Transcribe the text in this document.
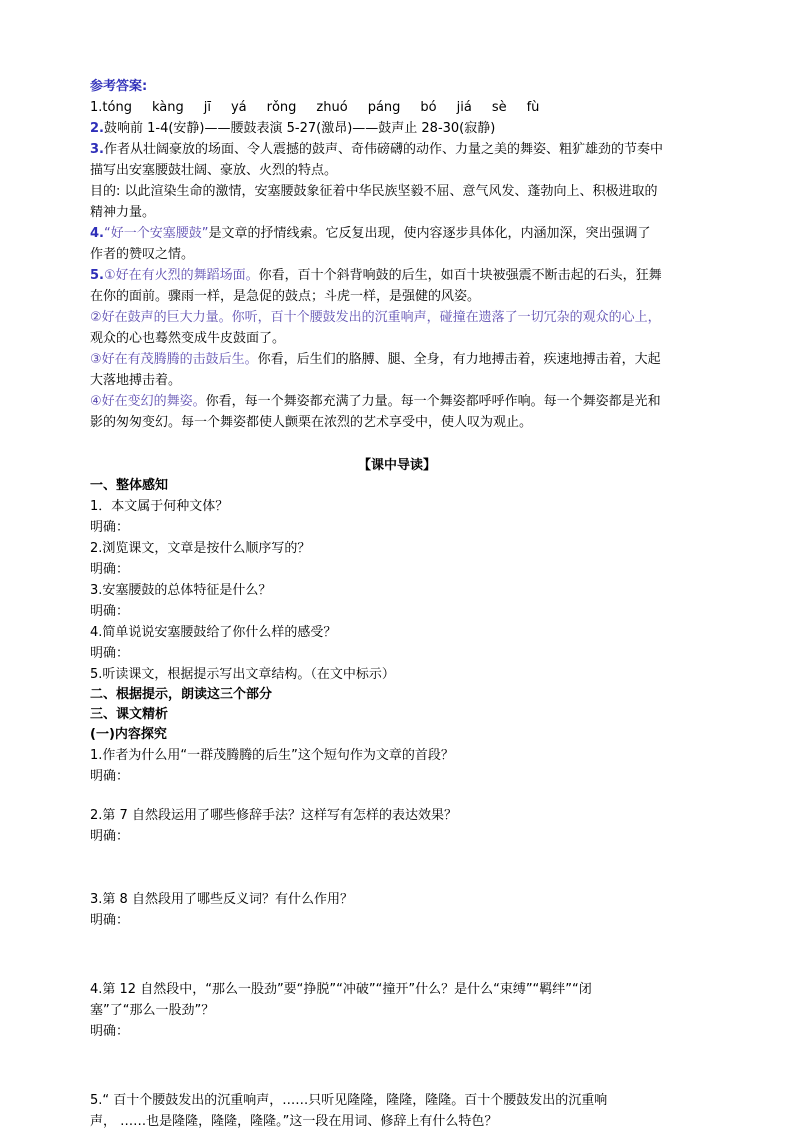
参考答案:
1.tóng kàng jī yá rǒng zhuó páng bó jiá sè fù
2.鼓响前 1-4(安静)——腰鼓表演 5-27(激昂)——鼓声止 28-30(寂静)
3.作者从壮阔豪放的场面、令人震撼的鼓声、奇伟磅礴的动作、力量之美的舞姿、粗犷雄劲的节奏中
描写出安塞腰鼓壮阔、豪放、火烈的特点。
目的: 以此渲染生命的激情，安塞腰鼓象征着中华民族坚毅不屈、意气风发、蓬勃向上、积极进取的
精神力量。
4.“好一个安塞腰鼓”是文章的抒情线索。它反复出现，使内容逐步具体化，内涵加深，突出强调了
作者的赞叹之情。
5.①好在有火烈的舞蹈场面。你看，百十个斜背响鼓的后生，如百十块被强震不断击起的石头，狂舞
在你的面前。骤雨一样，是急促的鼓点；斗虎一样，是强健的风姿。
②好在鼓声的巨大力量。你听，百十个腰鼓发出的沉重响声，碰撞在遗落了一切冗杂的观众的心上，
观众的心也蓦然变成牛皮鼓面了。
③好在有茂腾腾的击鼓后生。你看，后生们的胳膊、腿、全身，有力地搏击着，疾速地搏击着，大起
大落地搏击着。
④好在变幻的舞姿。你看，每一个舞姿都充满了力量。每一个舞姿都呼呼作响。每一个舞姿都是光和
影的匆匆变幻。每一个舞姿都使人颤栗在浓烈的艺术享受中，使人叹为观止。
【课中导读】
一、整体感知
1．本文属于何种文体？
明确：
2.浏览课文，文章是按什么顺序写的？
明确：
3.安塞腰鼓的总体特征是什么？
明确：
4.简单说说安塞腰鼓给了你什么样的感受？
明确：
5.听读课文，根据提示写出文章结构。（在文中标示）
二、根据提示，朗读这三个部分
三、课文精析
(一)内容探究
1.作者为什么用“一群茂腾腾的后生”这个短句作为文章的首段？
明确：
2.第 7 自然段运用了哪些修辞手法？这样写有怎样的表达效果？
明确：
3.第 8 自然段用了哪些反义词？有什么作用？
明确：
4.第 12 自然段中，“那么一股劲”要“挣脱”“冲破”“撞开”什么？是什么“束缚”“羁绊”“闭
塞”了“那么一股劲”？
明确：
5.“ 百十个腰鼓发出的沉重响声，……只听见隆隆，隆隆，隆隆。百十个腰鼓发出的沉重响
声， ……也是隆隆，隆隆，隆隆。”这一段在用词、修辞上有什么特色？
